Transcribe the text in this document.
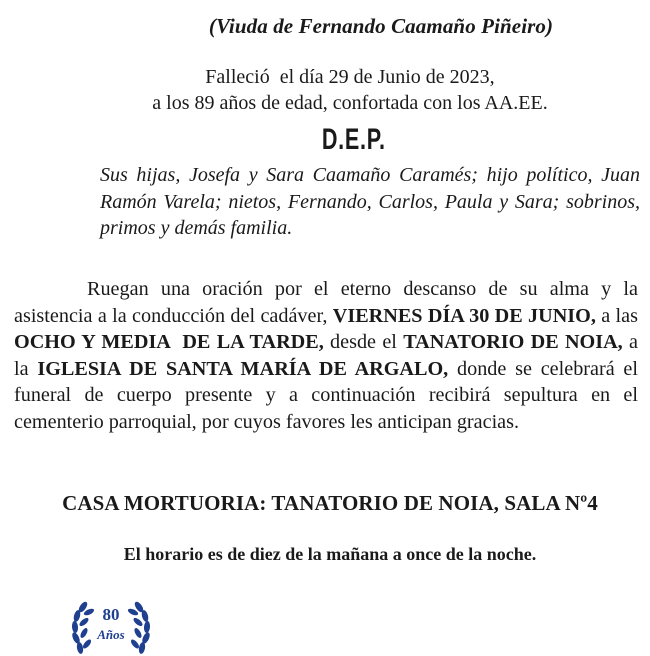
(Viuda de Fernando Caamaño Piñeiro)
Falleció  el día 29 de Junio de 2023,
a los 89 años de edad, confortada con los AA.EE.
D.E.P.
Sus hijas, Josefa y Sara Caamaño Caramés; hijo político, Juan Ramón Varela; nietos, Fernando, Carlos, Paula y Sara; sobrinos, primos y demás familia.
Ruegan una oración por el eterno descanso de su alma y la asistencia a la conducción del cadáver, VIERNES DÍA 30 DE JUNIO, a las OCHO Y MEDIA  DE LA TARDE, desde el TANATORIO DE NOIA, a la IGLESIA DE SANTA MARÍA DE ARGALO, donde se celebrará el funeral de cuerpo presente y a continuación recibirá sepultura en el cementerio parroquial, por cuyos favores les anticipan gracias.
CASA MORTUORIA: TANATORIO DE NOIA, SALA Nº4
El horario es de diez de la mañana a once de la noche.
80
Años
